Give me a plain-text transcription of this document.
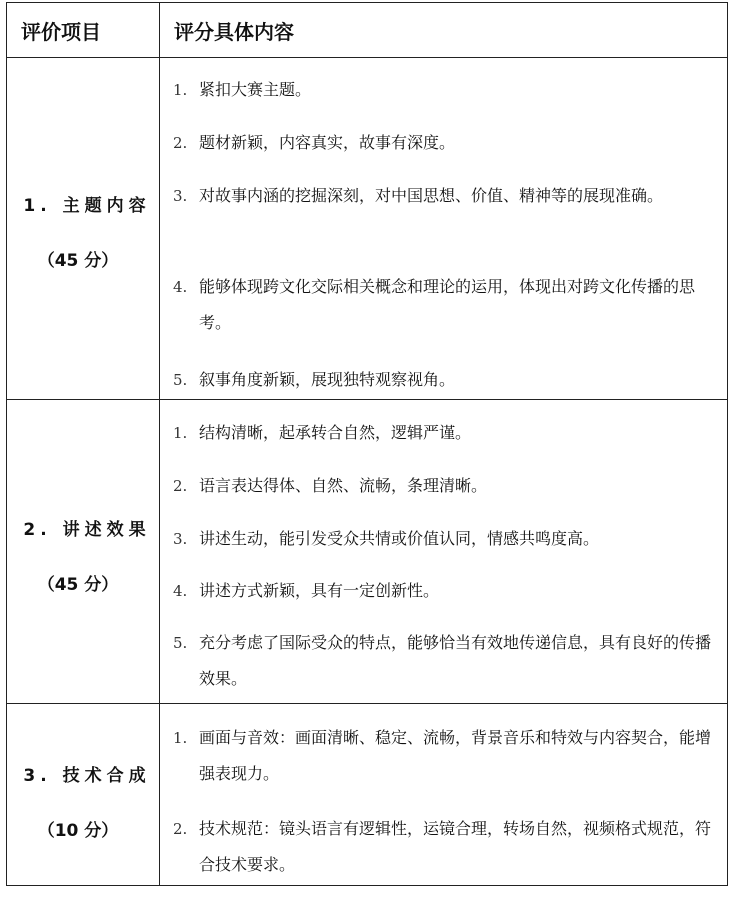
评价项目	评分具体内容
1. 主题内容
（45 分）
1. 紧扣大赛主题。
2. 题材新颖，内容真实，故事有深度。
3. 对故事内涵的挖掘深刻，对中国思想、价值、精神等的展现准确。
4. 能够体现跨文化交际相关概念和理论的运用，体现出对跨文化传播的思考。
5. 叙事角度新颖，展现独特观察视角。
2. 讲述效果
（45 分）
1. 结构清晰，起承转合自然，逻辑严谨。
2. 语言表达得体、自然、流畅，条理清晰。
3. 讲述生动，能引发受众共情或价值认同，情感共鸣度高。
4. 讲述方式新颖，具有一定创新性。
5. 充分考虑了国际受众的特点，能够恰当有效地传递信息，具有良好的传播效果。
3. 技术合成
（10 分）
1. 画面与音效：画面清晰、稳定、流畅，背景音乐和特效与内容契合，能增强表现力。
2. 技术规范：镜头语言有逻辑性，运镜合理，转场自然，视频格式规范，符合技术要求。
